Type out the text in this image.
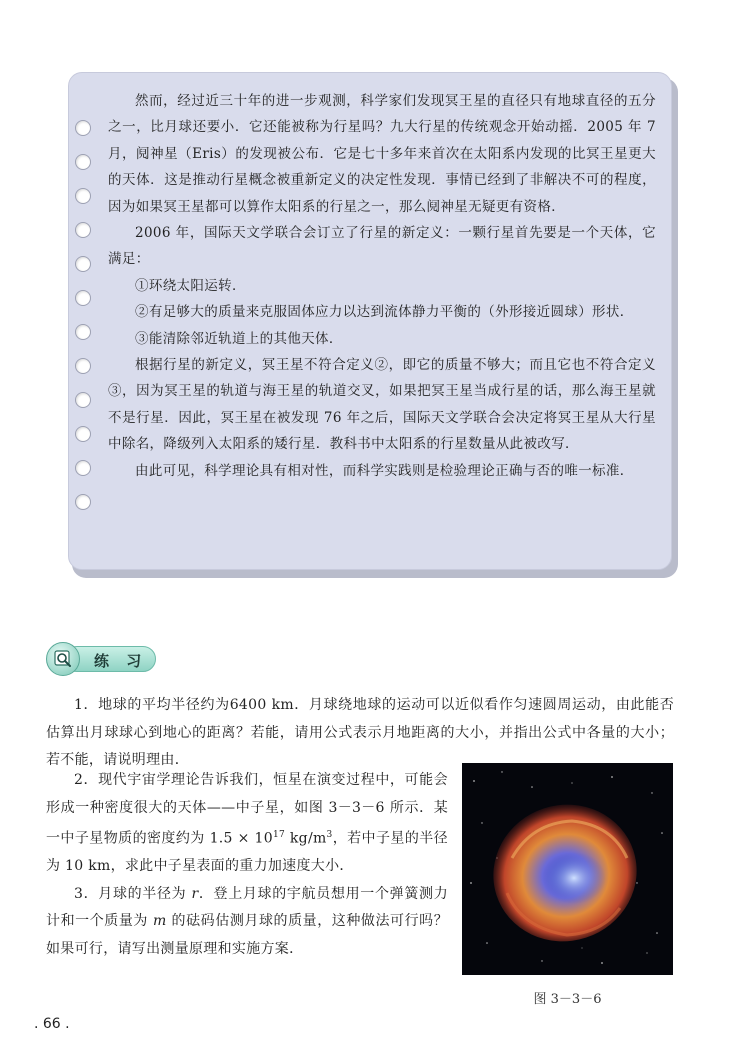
然而，经过近三十年的进一步观测，科学家们发现冥王星的直径只有地球直径的五分之一，比月球还要小．它还能被称为行星吗？九大行星的传统观念开始动摇．2005 年 7 月，阋神星（Eris）的发现被公布．它是七十多年来首次在太阳系内发现的比冥王星更大的天体．这是推动行星概念被重新定义的决定性发现．事情已经到了非解决不可的程度，因为如果冥王星都可以算作太阳系的行星之一，那么阋神星无疑更有资格．

2006 年，国际天文学联合会订立了行星的新定义：一颗行星首先要是一个天体，它满足：

①环绕太阳运转．

②有足够大的质量来克服固体应力以达到流体静力平衡的（外形接近圆球）形状．

③能清除邻近轨道上的其他天体．

根据行星的新定义，冥王星不符合定义②，即它的质量不够大；而且它也不符合定义③，因为冥王星的轨道与海王星的轨道交叉，如果把冥王星当成行星的话，那么海王星就不是行星．因此，冥王星在被发现 76 年之后，国际天文学联合会决定将冥王星从大行星中除名，降级列入太阳系的矮行星．教科书中太阳系的行星数量从此被改写．

由此可见，科学理论具有相对性，而科学实践则是检验理论正确与否的唯一标准．

练 习

1．地球的平均半径约为6400 km．月球绕地球的运动可以近似看作匀速圆周运动，由此能否估算出月球球心到地心的距离？若能，请用公式表示月地距离的大小，并指出公式中各量的大小；若不能，请说明理由．

2．现代宇宙学理论告诉我们，恒星在演变过程中，可能会形成一种密度很大的天体——中子星，如图 3－3－6 所示．某一中子星物质的密度约为 $1.5 \times 10^{17}$ $kg/m^3$，若中子星的半径为 10 km，求此中子星表面的重力加速度大小．

3．月球的半径为 r．登上月球的宇航员想用一个弹簧测力计和一个质量为 m 的砝码估测月球的质量，这种做法可行吗？如果可行，请写出测量原理和实施方案．

图 3－3－6
. 66 .
